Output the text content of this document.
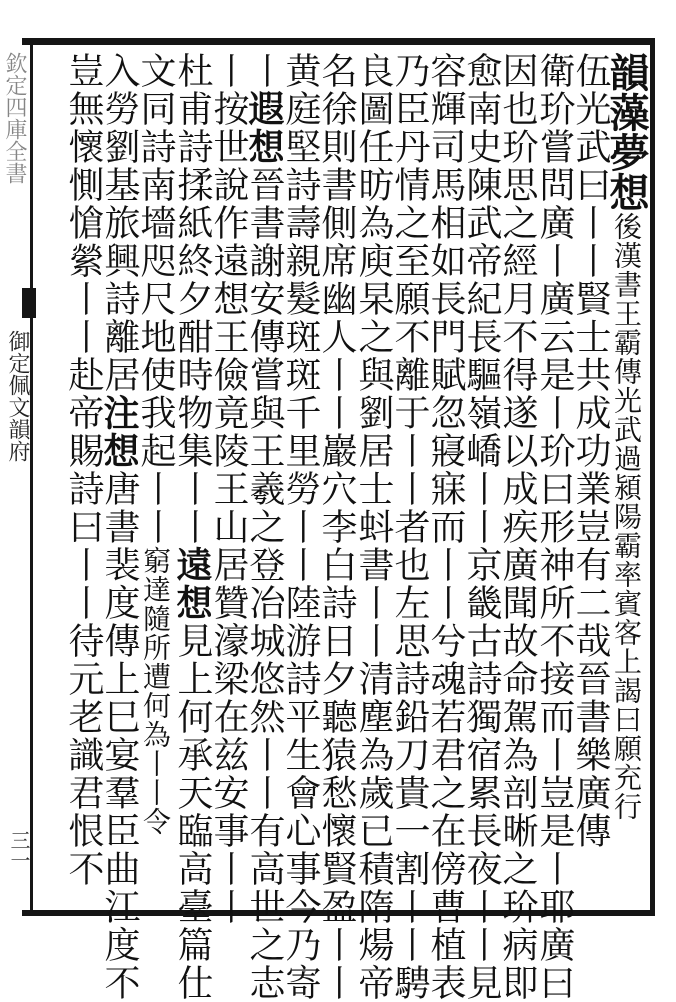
欽定四庫全書
御定佩文韻府
三一
韻藻夢想後漢書王霸傳光武過潁陽霸率賓客上謁曰願充行
伍光武曰丨丨賢士共成功業豈有二哉晉書樂廣傳
衛玠嘗問廣丨廣云是丨玠曰形神所不接而丨豈是丨耶廣曰
因也玠思之經月不得遂以成疾廣聞故命駕為剖晰之玠病即
愈南史陳武帝紀長驅嶺嶠丨丨京畿古詩獨宿累長夜丨丨見
容輝司馬相如長門賦忽寢寐而丨丨兮魂若君之在傍曹植表
乃臣丹情之至願不離于丨丨者也左思詩鉛刀貴一割丨丨騁
良圖任昉為庾杲之與劉居士蚪書丨丨清塵為歲已積隋煬帝
名徐則書側席幽人丨丨巖穴李白詩日夕聽猿愁懷賢盈丨丨
黄庭堅詩壽親髮斑斑千里勞丨丨陸游詩平生會心事今乃寄
丨遐想晉書謝安傳嘗與王羲之登冶城悠然丨丨有高世之志
丨按世說作遠想王儉竟陵王山居贊濠梁在兹安事丨丨
杜甫詩揉紙終夕酣時物集丨丨遠想見上何承天臨高臺篇仕
文同詩南墻咫尺地使我起丨丨窮達隨所遭何為丨丨令
入勞劉基旅興詩離居注想唐書裴度傳上巳宴羣臣曲江度不
豈無懷惻愴縈丨丨赴帝賜詩曰丨丨待元老識君恨不
